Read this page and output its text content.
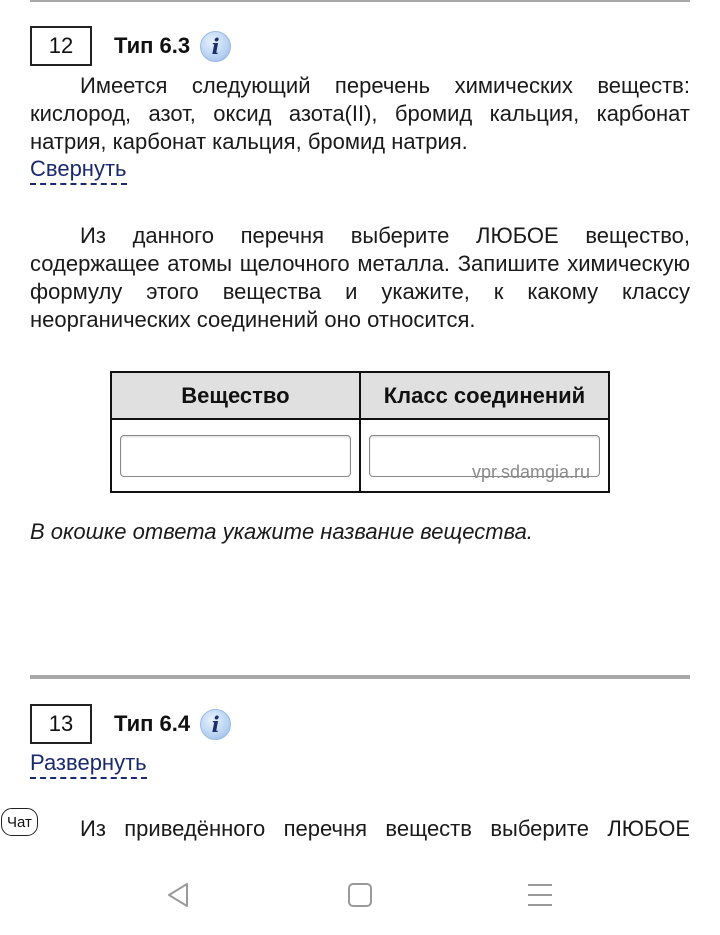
12	Тип 6.3	i
Имеется следующий перечень химических веществ: кислород, азот, оксид азота(II), бромид кальция, карбонат натрия, карбонат кальция, бромид натрия.
Свернуть
Из данного перечня выберите ЛЮБОЕ вещество, содержащее атомы щелочного металла. Запишите химическую формулу этого вещества и укажите, к какому классу неорганических соединений оно относится.
Вещество	Класс соединений

vpr.sdamgia.ru
В окошке ответа укажите название вещества.
13	Тип 6.4	i
Развернуть
Чат Из приведённого перечня веществ выберите ЛЮБОЕ
